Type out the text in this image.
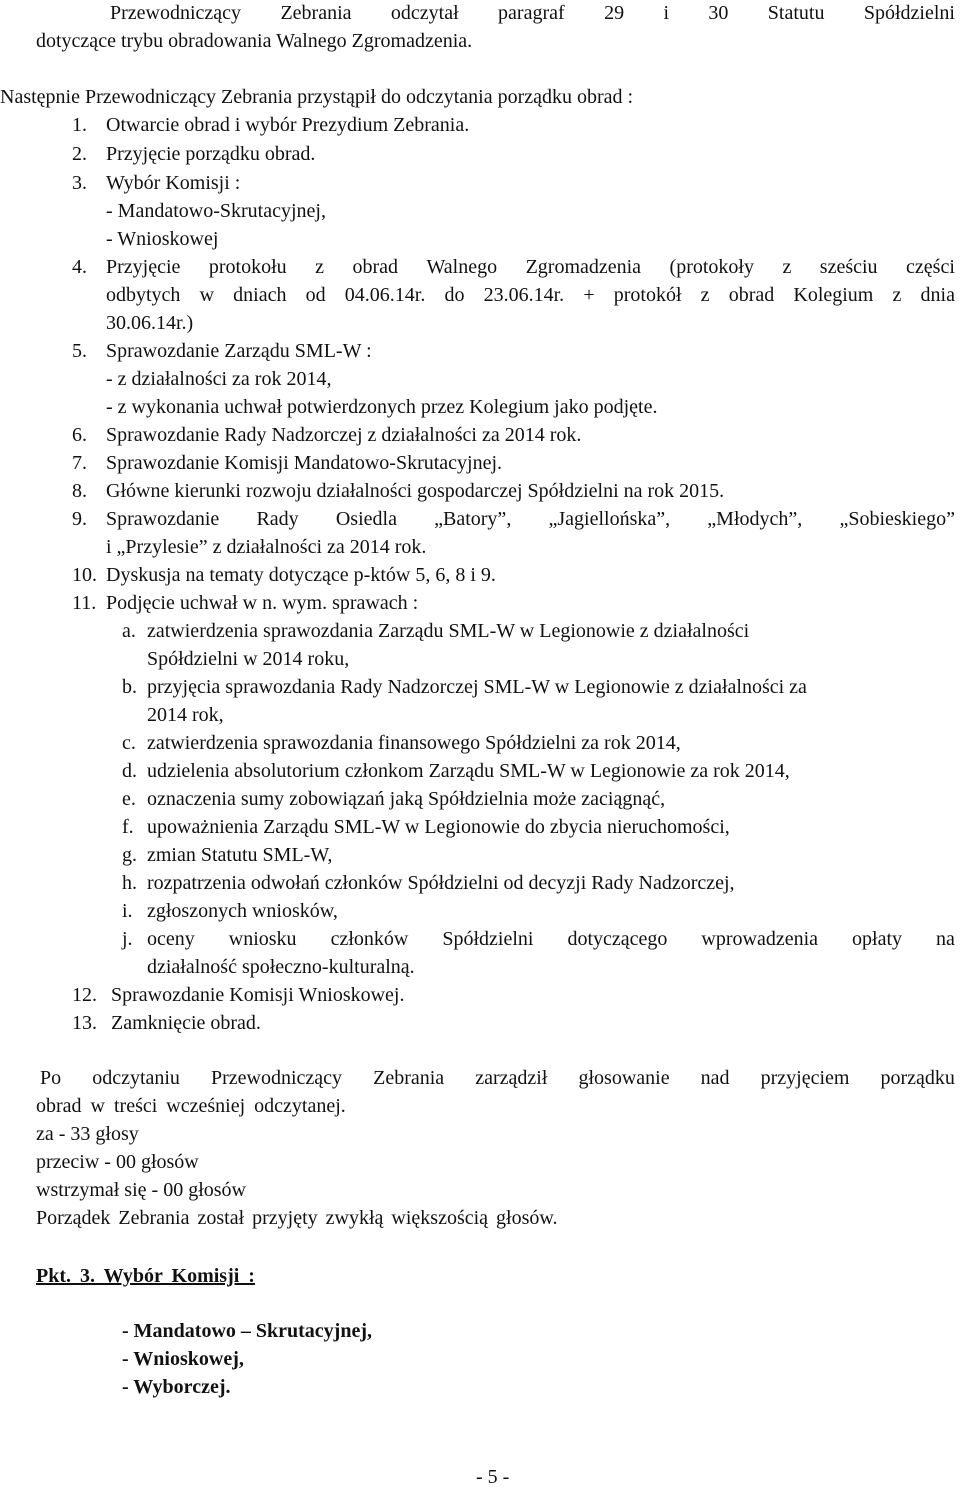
Przewodniczący Zebrania odczytał paragraf 29 i 30 Statutu Spółdzielni
dotyczące trybu obradowania Walnego Zgromadzenia.
Następnie Przewodniczący Zebrania przystąpił do odczytania porządku obrad :
1. Otwarcie obrad i wybór Prezydium Zebrania.
2. Przyjęcie porządku obrad.
3. Wybór Komisji :
- Mandatowo-Skrutacyjnej,
- Wnioskowej
4. Przyjęcie protokołu z obrad Walnego Zgromadzenia (protokoły z sześciu części
odbytych w dniach od 04.06.14r. do 23.06.14r. + protokół z obrad Kolegium z dnia
30.06.14r.)
5. Sprawozdanie Zarządu SML-W :
- z działalności za rok 2014,
- z wykonania uchwał potwierdzonych przez Kolegium jako podjęte.
6. Sprawozdanie Rady Nadzorczej z działalności za 2014 rok.
7. Sprawozdanie Komisji Mandatowo-Skrutacyjnej.
8. Główne kierunki rozwoju działalności gospodarczej Spółdzielni na rok 2015.
9. Sprawozdanie Rady Osiedla „Batory”, „Jagiellońska”, „Młodych”, „Sobieskiego”
i „Przylesie” z działalności za 2014 rok.
10. Dyskusja na tematy dotyczące p-któw 5, 6, 8 i 9.
11. Podjęcie uchwał w n. wym. sprawach :
a. zatwierdzenia sprawozdania Zarządu SML-W w Legionowie z działalności
Spółdzielni w 2014 roku,
b. przyjęcia sprawozdania Rady Nadzorczej SML-W w Legionowie z działalności za
2014 rok,
c. zatwierdzenia sprawozdania finansowego Spółdzielni za rok 2014,
d. udzielenia absolutorium członkom Zarządu SML-W w Legionowie za rok 2014,
e. oznaczenia sumy zobowiązań jaką Spółdzielnia może zaciągnąć,
f. upoważnienia Zarządu SML-W w Legionowie do zbycia nieruchomości,
g. zmian Statutu SML-W,
h. rozpatrzenia odwołań członków Spółdzielni od decyzji Rady Nadzorczej,
i. zgłoszonych wniosków,
j. oceny wniosku członków Spółdzielni dotyczącego wprowadzenia opłaty na
działalność społeczno-kulturalną.
12. Sprawozdanie Komisji Wnioskowej.
13. Zamknięcie obrad.
Po odczytaniu Przewodniczący Zebrania zarządził głosowanie nad przyjęciem porządku
obrad w treści wcześniej odczytanej.
za - 33 głosy
przeciw - 00 głosów
wstrzymał się - 00 głosów
Porządek Zebrania został przyjęty zwykłą większością głosów.
Pkt. 3. Wybór Komisji :
- Mandatowo – Skrutacyjnej,
- Wnioskowej,
- Wyborczej.
- 5 -
